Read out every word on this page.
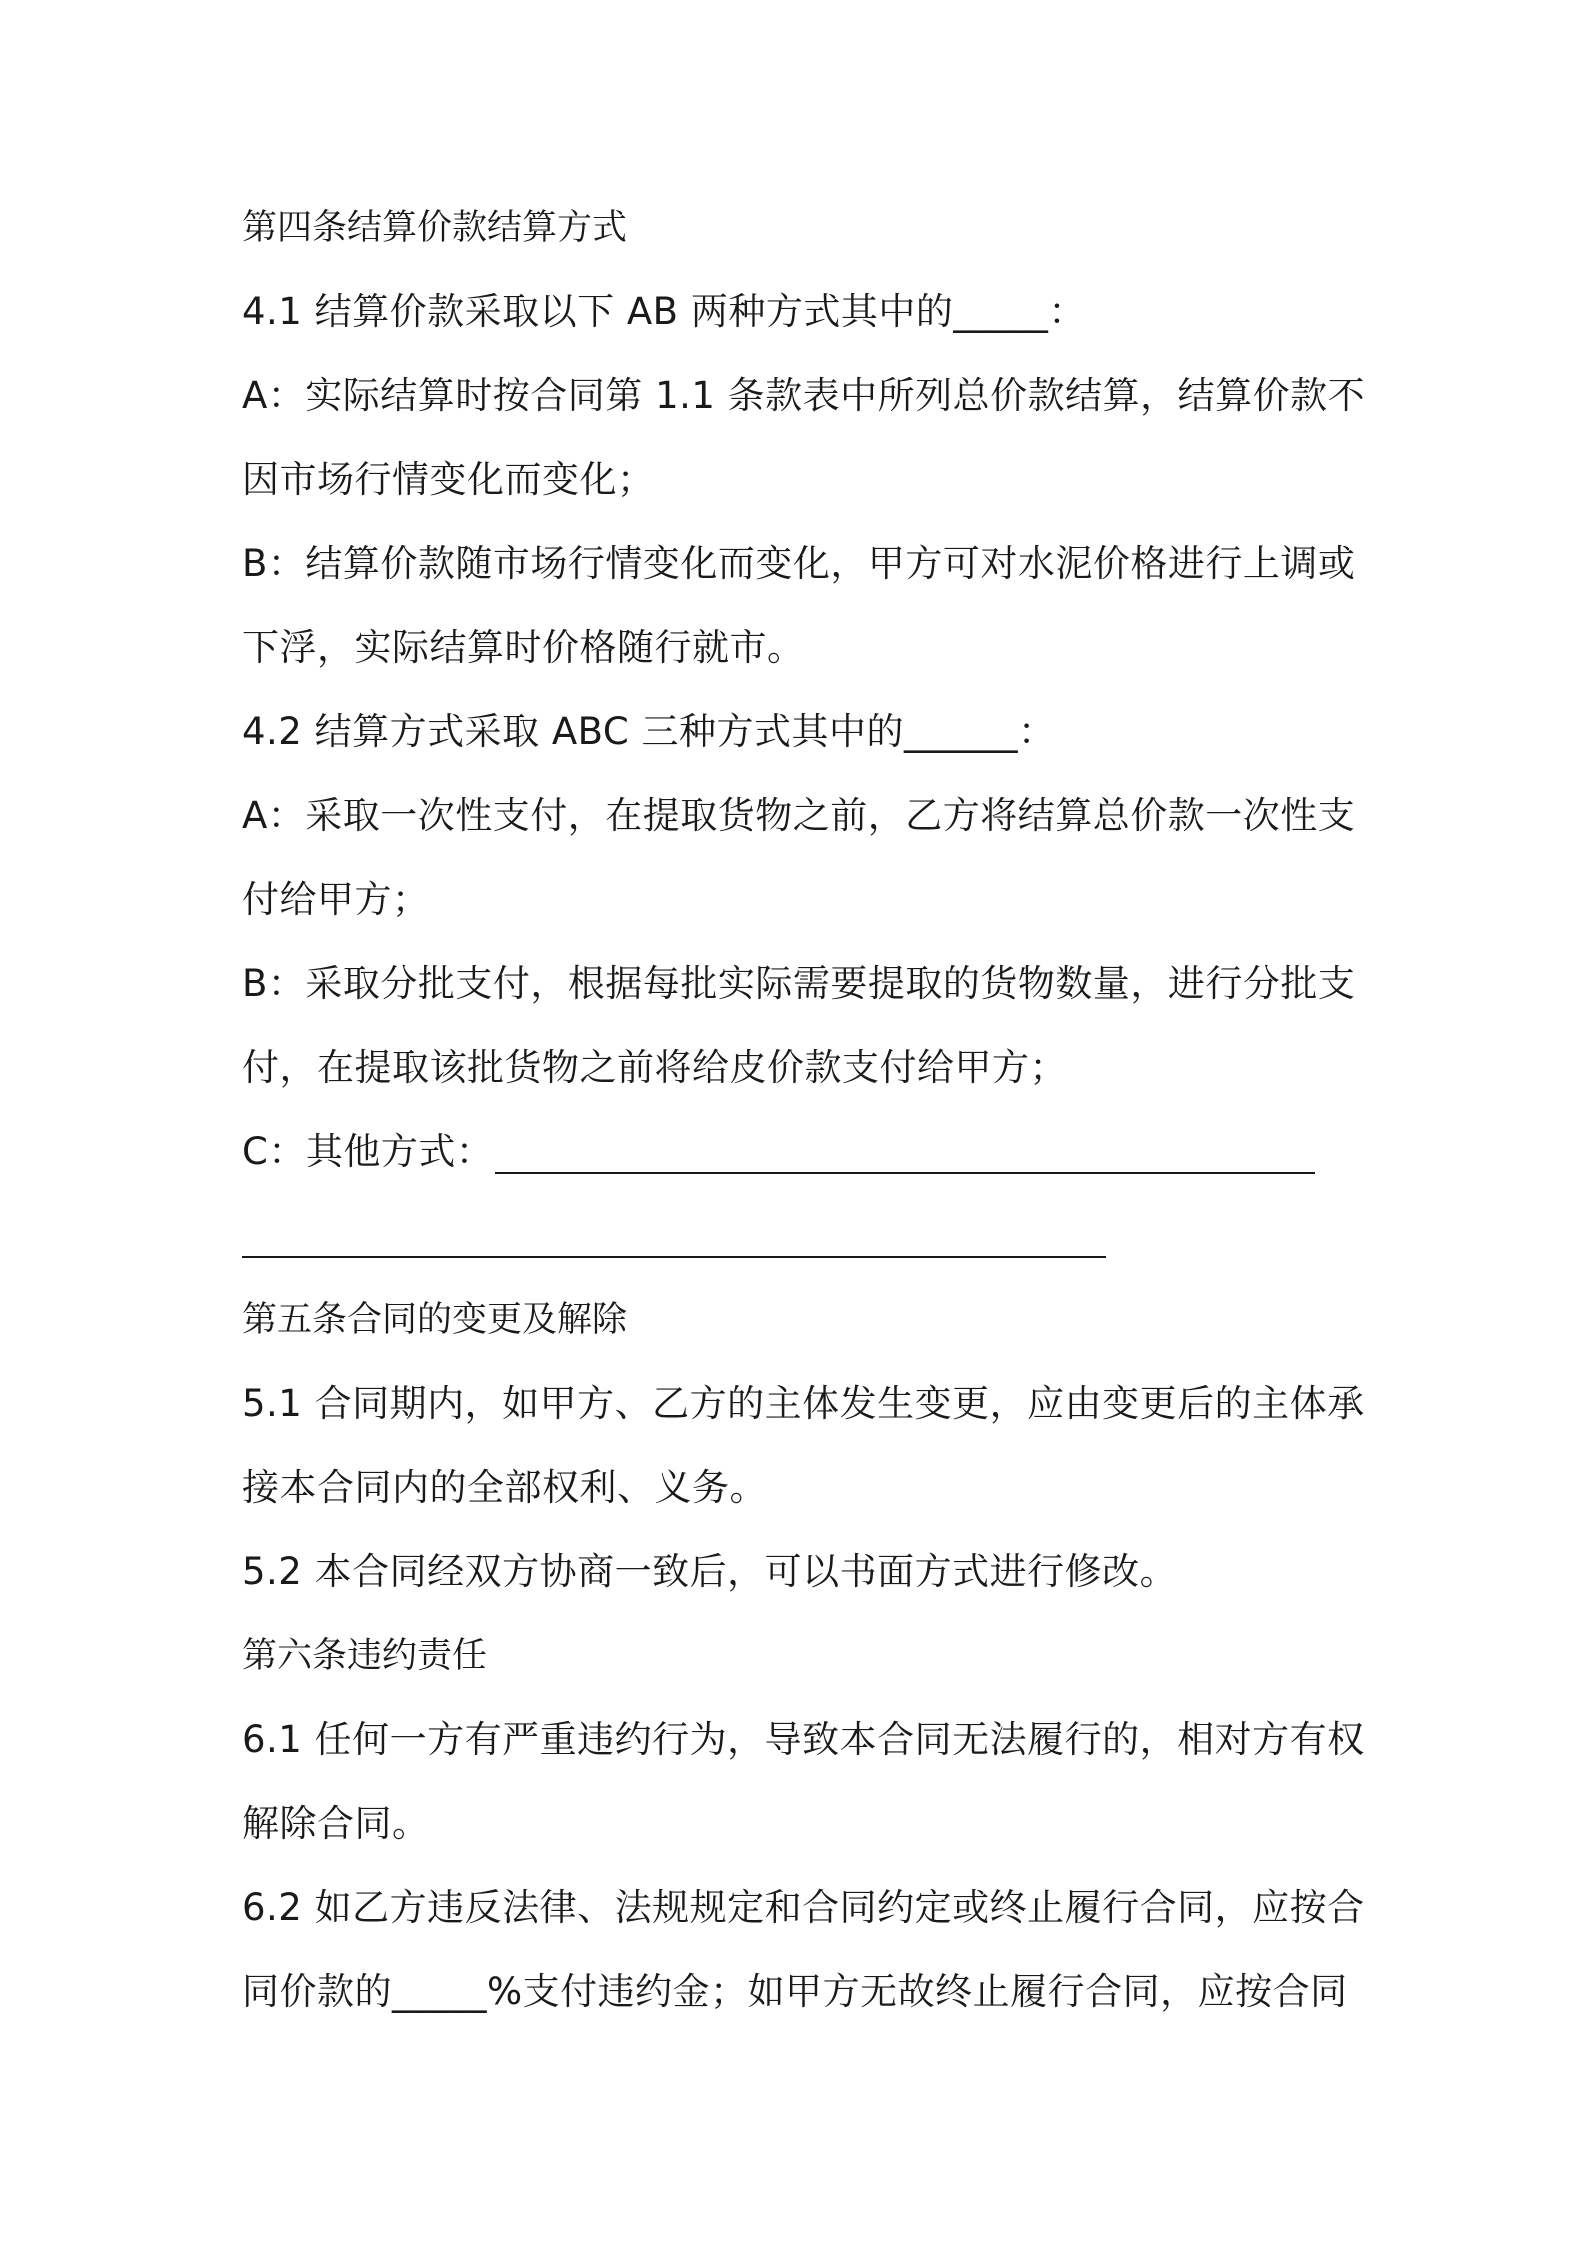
第四条结算价款结算方式
4.1 结算价款采取以下 AB 两种方式其中的_____：
A：实际结算时按合同第 1.1 条款表中所列总价款结算，结算价款不
因市场行情变化而变化；
B：结算价款随市场行情变化而变化，甲方可对水泥价格进行上调或
下浮，实际结算时价格随行就市。
4.2 结算方式采取 ABC 三种方式其中的______：
A：采取一次性支付，在提取货物之前，乙方将结算总价款一次性支
付给甲方；
B：采取分批支付，根据每批实际需要提取的货物数量，进行分批支
付，在提取该批货物之前将给皮价款支付给甲方；
C：其他方式：
第五条合同的变更及解除
5.1 合同期内，如甲方、乙方的主体发生变更，应由变更后的主体承
接本合同内的全部权利、义务。
5.2 本合同经双方协商一致后，可以书面方式进行修改。
第六条违约责任
6.1 任何一方有严重违约行为，导致本合同无法履行的，相对方有权
解除合同。
6.2 如乙方违反法律、法规规定和合同约定或终止履行合同，应按合
同价款的_____%支付违约金；如甲方无故终止履行合同，应按合同
